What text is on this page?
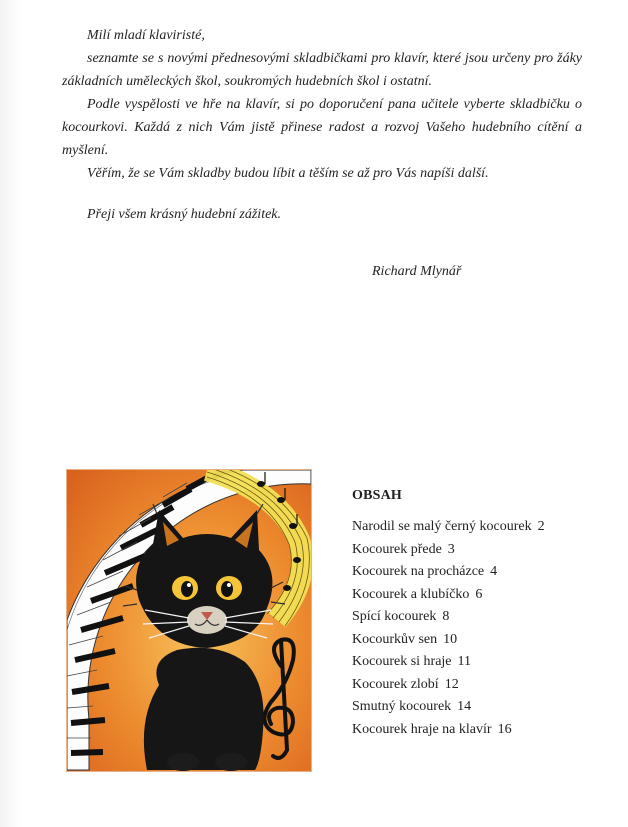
Milí mladí klaviristé,

seznamte se s novými přednesovými skladbičkami pro klavír, které jsou určeny pro žáky základních uměleckých škol, soukromých hudebních škol i ostatní.

Podle vyspělosti ve hře na klavír, si po doporučení pana učitele vyberte skladbičku o kocourkovi. Každá z nich Vám jistě přinese radost a rozvoj Vašeho hudebního cítění a myšlení.

Věřím, že se Vám skladby budou líbit a těším se až pro Vás napíši další.

Přeji všem krásný hudební zážitek.

Richard Mlynář
OBSAH
Narodil se malý černý kocourek 2
Kocourek přede 3
Kocourek na procházce 4
Kocourek a klubíčko 6
Spící kocourek 8
Kocourkův sen 10
Kocourek si hraje 11
Kocourek zlobí 12
Smutný kocourek 14
Kocourek hraje na klavír 16
